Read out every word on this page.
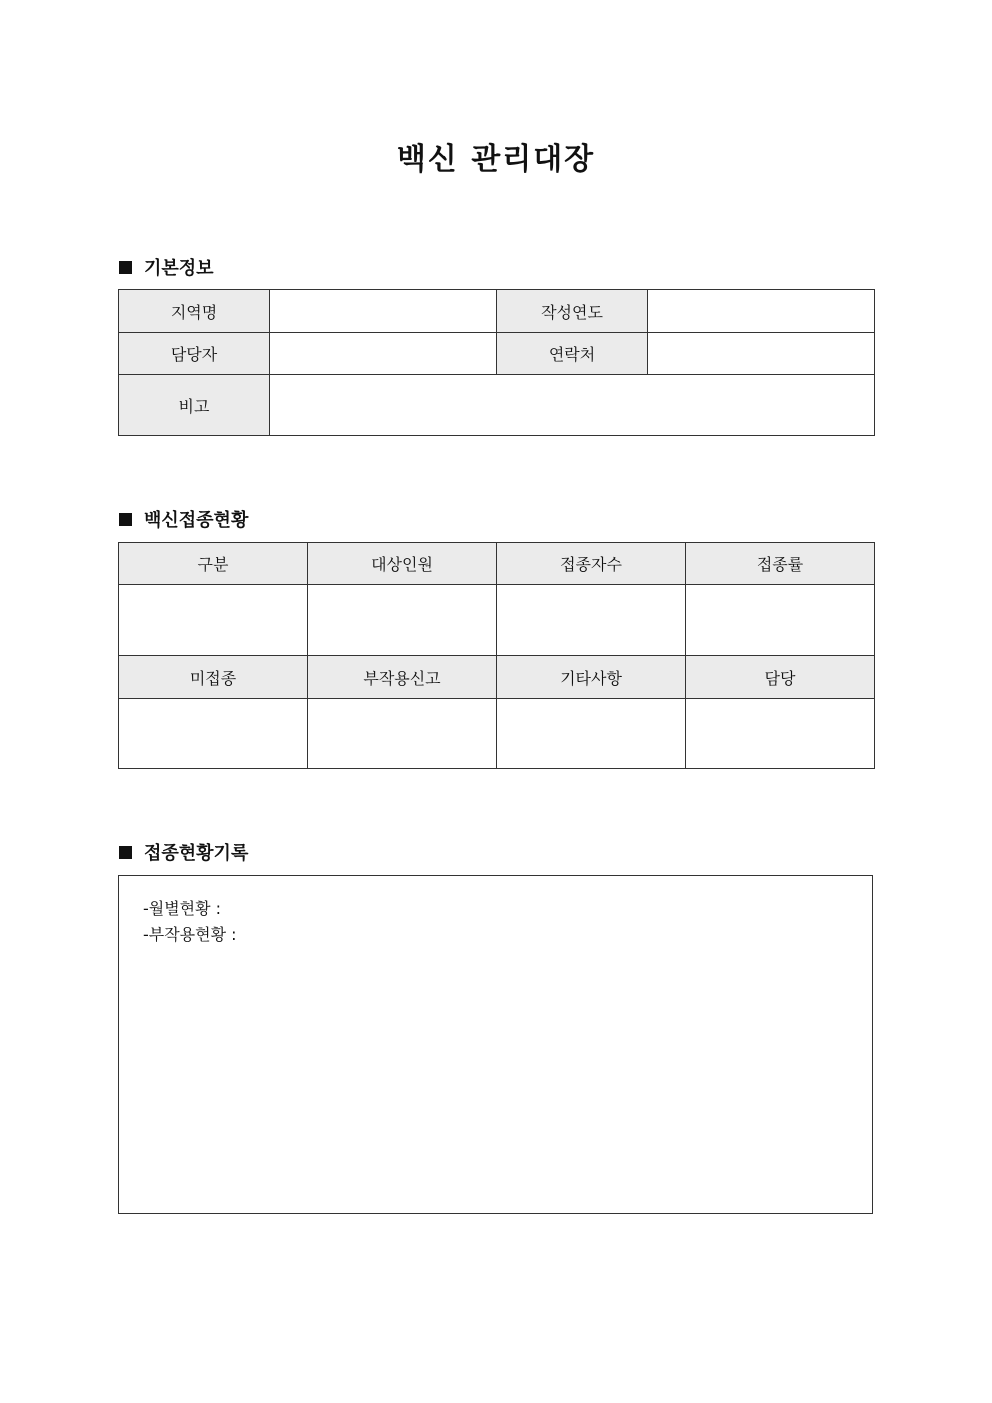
백신 관리대장
기본정보
지역명		작성연도	
담당자		연락처	
비고			
백신접종현황
구분	대상인원	접종자수	접종률

미접종	부작용신고	기타사항	담당

접종현황기록
-월별현황 :
-부작용현황 :
